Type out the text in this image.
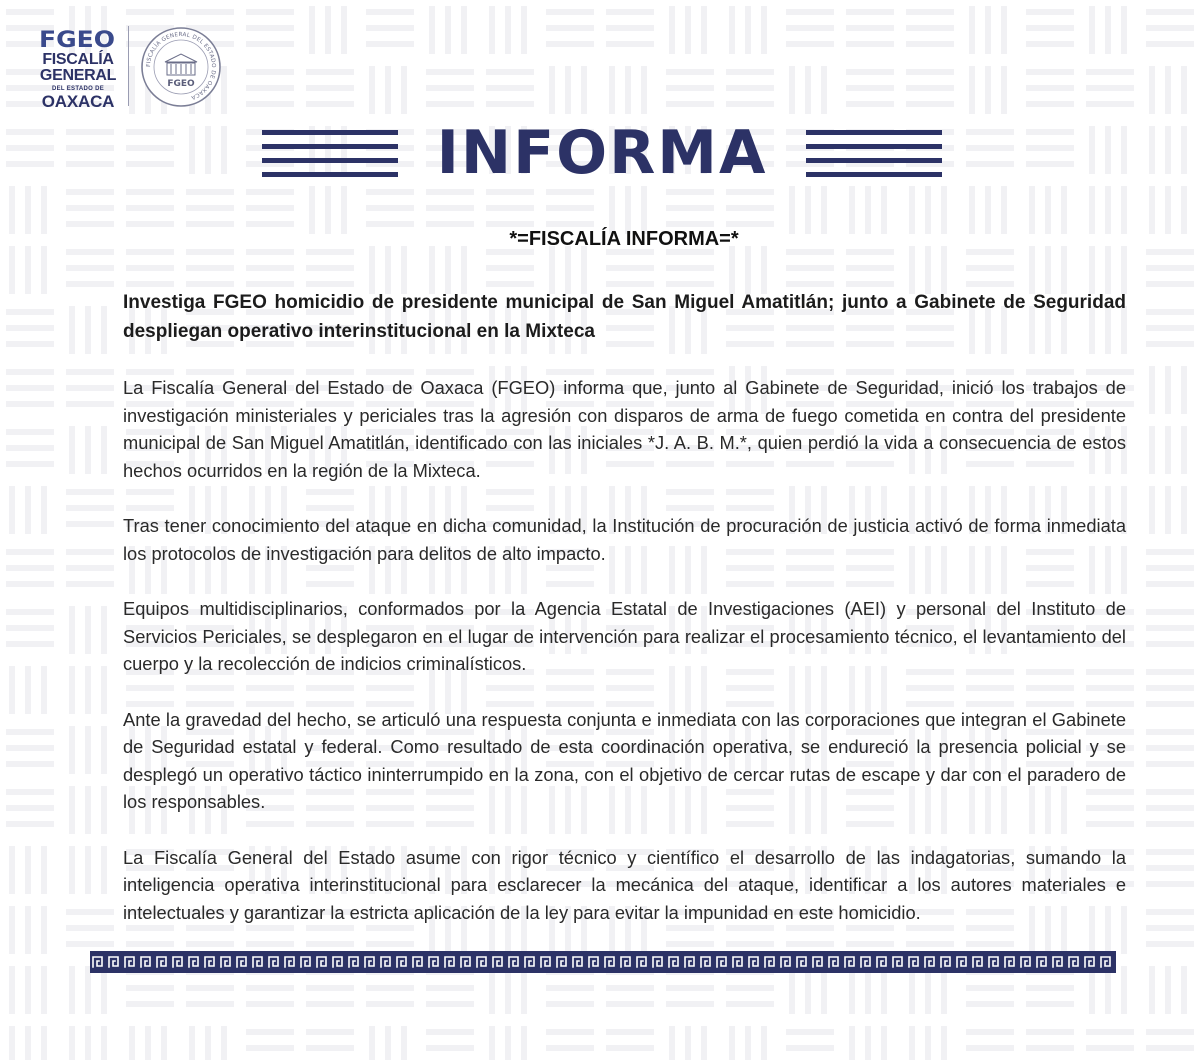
FGEO
FISCALÍA
GENERAL
DEL ESTADO DE
OAXACA
FISCALÍA GENERAL DEL ESTADO DE OAXACA
FGEO
INFORMA
*=FISCALÍA INFORMA=*

Investiga FGEO homicidio de presidente municipal de San Miguel Amatitlán; junto a Gabinete de Seguridad despliegan operativo interinstitucional en la Mixteca

La Fiscalía General del Estado de Oaxaca (FGEO) informa que, junto al Gabinete de Seguridad, inició los trabajos de investigación ministeriales y periciales tras la agresión con disparos de arma de fuego cometida en contra del presidente municipal de San Miguel Amatitlán, identificado con las iniciales *J. A. B. M.*, quien perdió la vida a consecuencia de estos hechos ocurridos en la región de la Mixteca.

Tras tener conocimiento del ataque en dicha comunidad, la Institución de procuración de justicia activó de forma inmediata los protocolos de investigación para delitos de alto impacto.

Equipos multidisciplinarios, conformados por la Agencia Estatal de Investigaciones (AEI) y personal del Instituto de Servicios Periciales, se desplegaron en el lugar de intervención para realizar el procesamiento técnico, el levantamiento del cuerpo y la recolección de indicios criminalísticos.

Ante la gravedad del hecho, se articuló una respuesta conjunta e inmediata con las corporaciones que integran el Gabinete de Seguridad estatal y federal. Como resultado de esta coordinación operativa, se endureció la presencia policial y se desplegó un operativo táctico ininterrumpido en la zona, con el objetivo de cercar rutas de escape y dar con el paradero de los responsables.

La Fiscalía General del Estado asume con rigor técnico y científico el desarrollo de las indagatorias, sumando la inteligencia operativa interinstitucional para esclarecer la mecánica del ataque, identificar a los autores materiales e intelectuales y garantizar la estricta aplicación de la ley para evitar la impunidad en este homicidio.
